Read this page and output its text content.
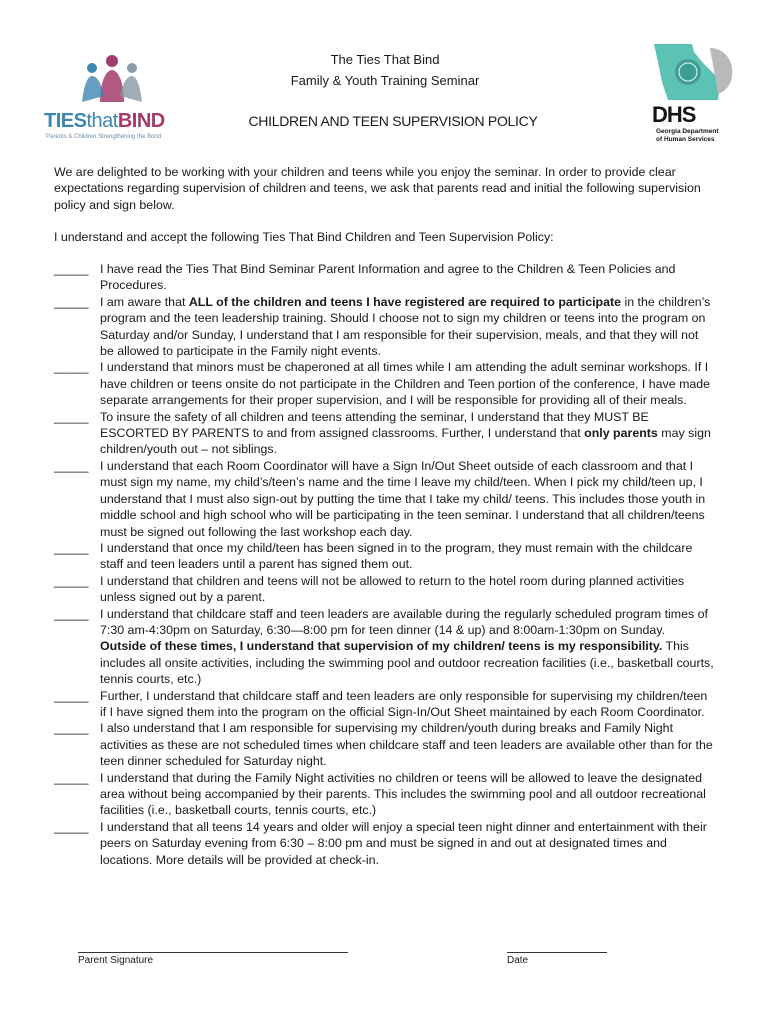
TIESthatBIND
Parents & Children Strengthening the Bond
DHS
Georgia Department
of Human Services
The Ties That Bind
Family & Youth Training Seminar
CHILDREN AND TEEN SUPERVISION POLICY
We are delighted to be working with your children and teens while you enjoy the seminar. In order to provide clear expectations regarding supervision of children and teens, we ask that parents read and initial the following supervision policy and sign below.
I understand and accept the following Ties That Bind Children and Teen Supervision Policy:
_____ I have read the Ties That Bind Seminar Parent Information and agree to the Children & Teen Policies and Procedures.
_____ I am aware that ALL of the children and teens I have registered are required to participate in the children’s program and the teen leadership training. Should I choose not to sign my children or teens into the program on Saturday and/or Sunday, I understand that I am responsible for their supervision, meals, and that they will not be allowed to participate in the Family night events.
_____ I understand that minors must be chaperoned at all times while I am attending the adult seminar workshops. If I have children or teens onsite do not participate in the Children and Teen portion of the conference, I have made separate arrangements for their proper supervision, and I will be responsible for providing all of their meals.
_____ To insure the safety of all children and teens attending the seminar, I understand that they MUST BE ESCORTED BY PARENTS to and from assigned classrooms. Further, I understand that only parents may sign children/youth out – not siblings.
_____ I understand that each Room Coordinator will have a Sign In/Out Sheet outside of each classroom and that I must sign my name, my child’s/teen’s name and the time I leave my child/teen. When I pick my child/teen up, I understand that I must also sign-out by putting the time that I take my child/ teens. This includes those youth in middle school and high school who will be participating in the teen seminar. I understand that all children/teens must be signed out following the last workshop each day.
_____ I understand that once my child/teen has been signed in to the program, they must remain with the childcare staff and teen leaders until a parent has signed them out.
_____ I understand that children and teens will not be allowed to return to the hotel room during planned activities unless signed out by a parent.
_____ I understand that childcare staff and teen leaders are available during the regularly scheduled program times of 7:30 am-4:30pm on Saturday, 6:30—8:00 pm for teen dinner (14 & up) and 8:00am-1:30pm on Sunday. Outside of these times, I understand that supervision of my children/ teens is my responsibility. This includes all onsite activities, including the swimming pool and outdoor recreation facilities (i.e., basketball courts, tennis courts, etc.)
_____ Further, I understand that childcare staff and teen leaders are only responsible for supervising my children/teen if I have signed them into the program on the official Sign-In/Out Sheet maintained by each Room Coordinator.
_____ I also understand that I am responsible for supervising my children/youth during breaks and Family Night activities as these are not scheduled times when childcare staff and teen leaders are available other than for the teen dinner scheduled for Saturday night.
_____ I understand that during the Family Night activities no children or teens will be allowed to leave the designated area without being accompanied by their parents. This includes the swimming pool and all outdoor recreational facilities (i.e., basketball courts, tennis courts, etc.)
_____ I understand that all teens 14 years and older will enjoy a special teen night dinner and entertainment with their peers on Saturday evening from 6:30 – 8:00 pm and must be signed in and out at designated times and locations. More details will be provided at check-in.
Parent Signature	Date
